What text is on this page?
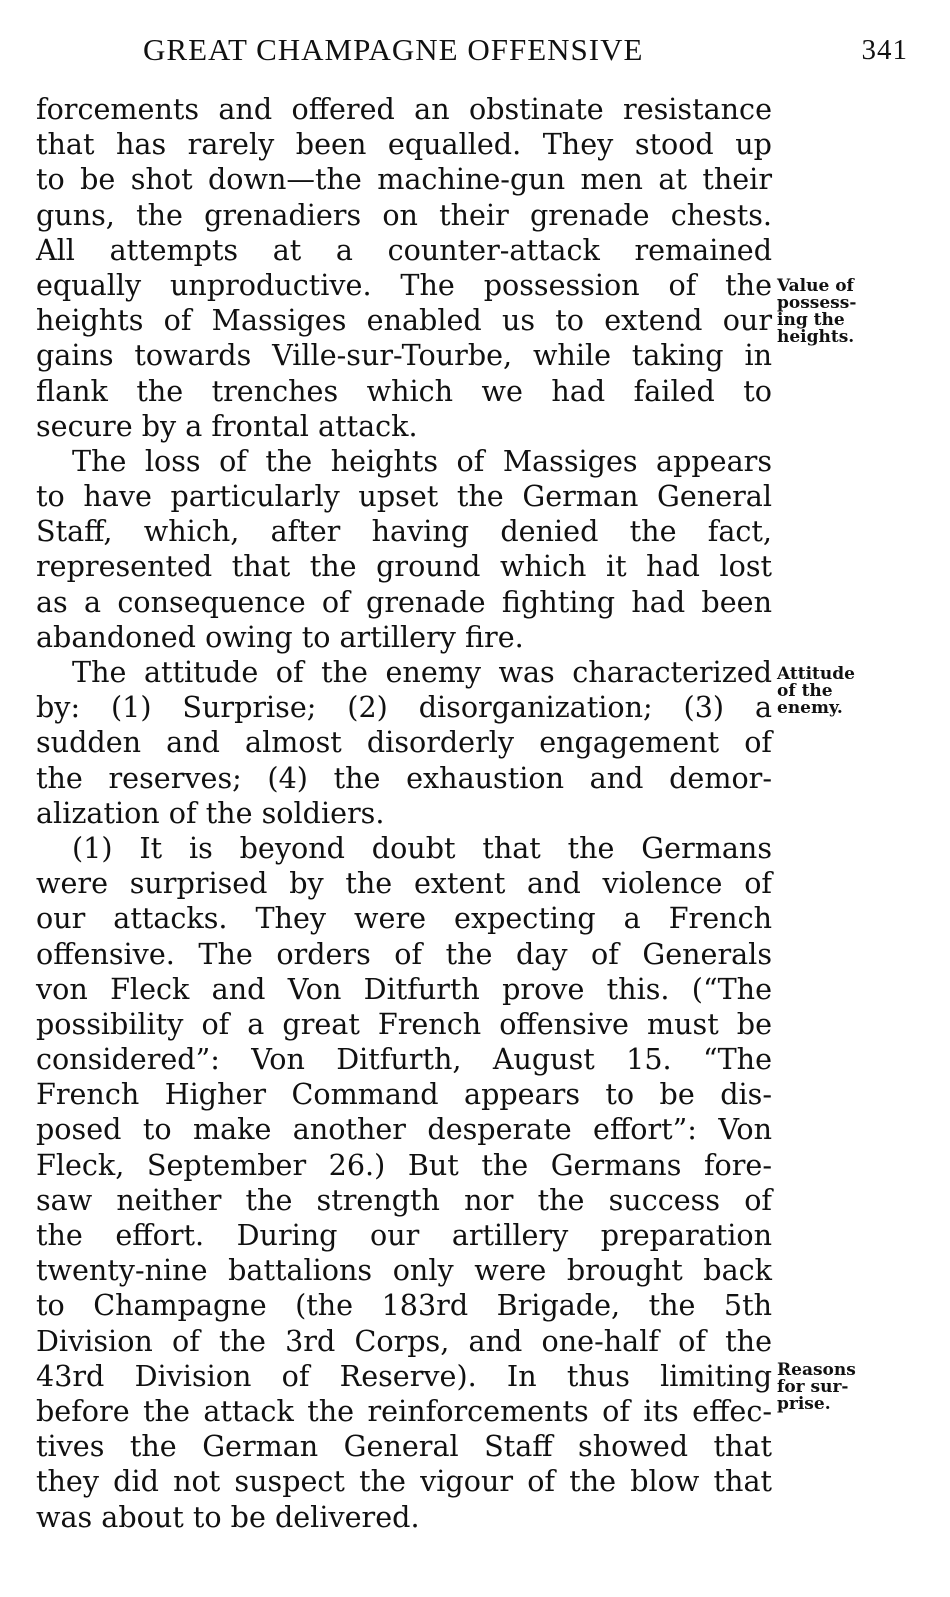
GREAT CHAMPAGNE OFFENSIVE	341
forcements and offered an obstinate resistance
that has rarely been equalled. They stood up
to be shot down—the machine-gun men at their
guns, the grenadiers on their grenade chests.
All attempts at a counter-attack remained
equally unproductive. The possession of the
heights of Massiges enabled us to extend our
gains towards Ville-sur-Tourbe, while taking in
flank the trenches which we had failed to
secure by a frontal attack.
The loss of the heights of Massiges appears
to have particularly upset the German General
Staff, which, after having denied the fact,
represented that the ground which it had lost
as a consequence of grenade fighting had been
abandoned owing to artillery fire.
The attitude of the enemy was characterized
by: (1) Surprise; (2) disorganization; (3) a
sudden and almost disorderly engagement of
the reserves; (4) the exhaustion and demor-
alization of the soldiers.
(1) It is beyond doubt that the Germans
were surprised by the extent and violence of
our attacks. They were expecting a French
offensive. The orders of the day of Generals
von Fleck and Von Ditfurth prove this. (“The
possibility of a great French offensive must be
considered”: Von Ditfurth, August 15. “The
French Higher Command appears to be dis-
posed to make another desperate effort”: Von
Fleck, September 26.) But the Germans fore-
saw neither the strength nor the success of
the effort. During our artillery preparation
twenty-nine battalions only were brought back
to Champagne (the 183rd Brigade, the 5th
Division of the 3rd Corps, and one-half of the
43rd Division of Reserve). In thus limiting
before the attack the reinforcements of its effec-
tives the German General Staff showed that
they did not suspect the vigour of the blow that
was about to be delivered.
Value of
possess-
ing the
heights.
Attitude
of the
enemy.
Reasons
for sur-
prise.
